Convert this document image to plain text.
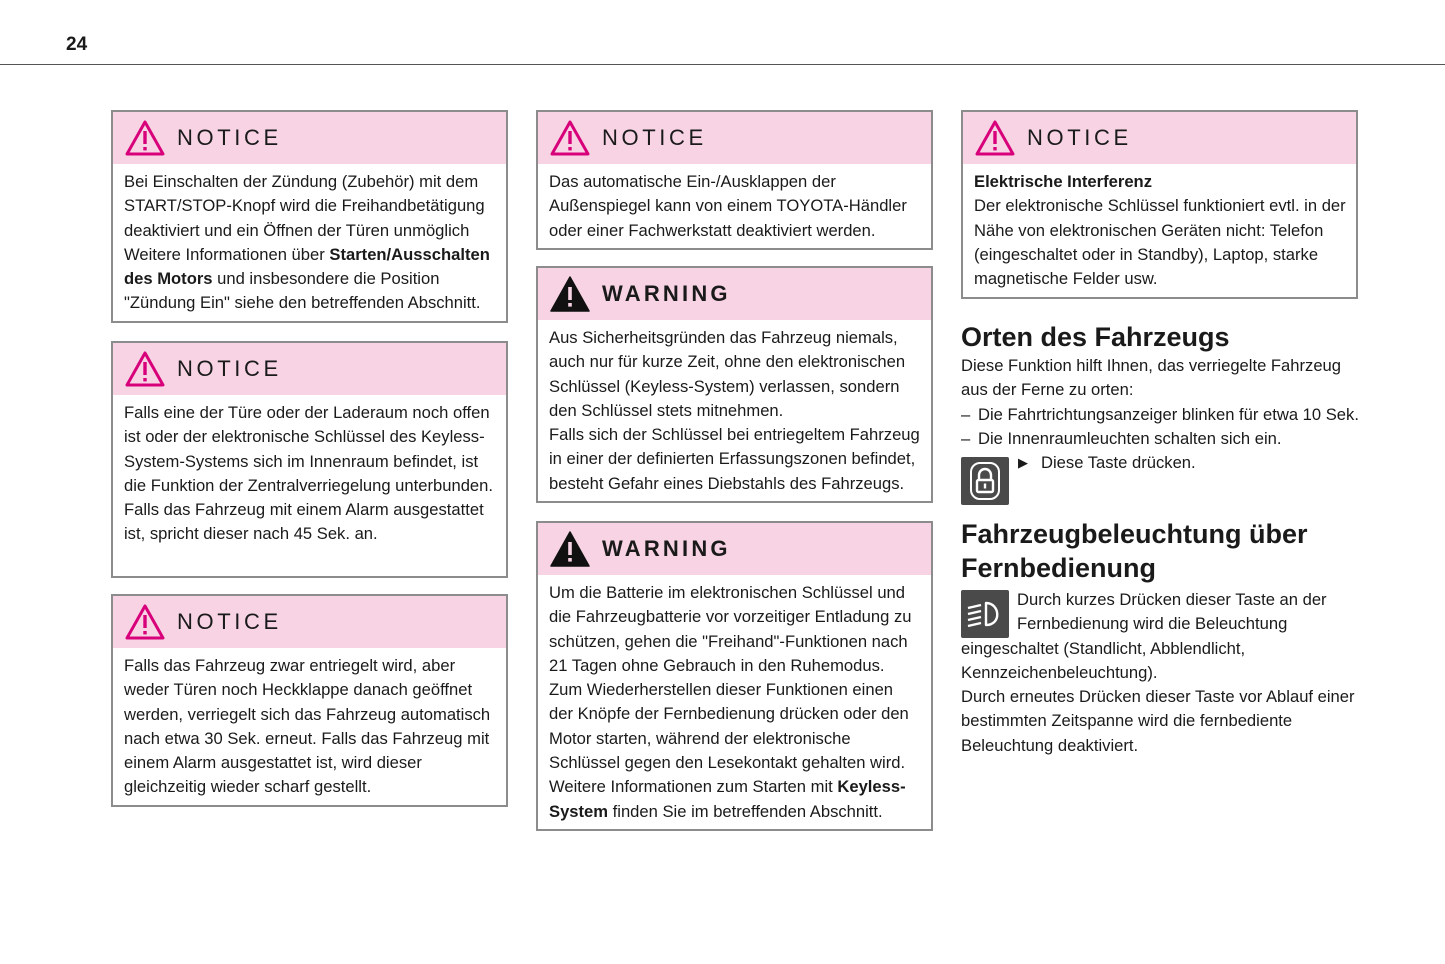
24
NOTICE

Bei Einschalten der Zündung (Zubehör) mit dem START/STOP-Knopf wird die Freihandbetätigung deaktiviert und ein Öffnen der Türen unmöglich Weitere Informationen über Starten/Ausschalten des Motors und insbesondere die Position "Zündung Ein" siehe den betreffenden Abschnitt.

NOTICE

Falls eine der Türe oder der Laderaum noch offen ist oder der elektronische Schlüssel des Keyless-System-Systems sich im Innenraum befindet, ist die Funktion der Zentralverriegelung unterbunden.

Falls das Fahrzeug mit einem Alarm ausgestattet ist, spricht dieser nach 45 Sek. an.

NOTICE

Falls das Fahrzeug zwar entriegelt wird, aber weder Türen noch Heckklappe danach geöffnet werden, verriegelt sich das Fahrzeug automatisch nach etwa 30 Sek. erneut. Falls das Fahrzeug mit einem Alarm ausgestattet ist, wird dieser gleichzeitig wieder scharf gestellt.

NOTICE

Das automatische Ein-/Ausklappen der Außenspiegel kann von einem TOYOTA-Händler oder einer Fachwerkstatt deaktiviert werden.

WARNING

Aus Sicherheitsgründen das Fahrzeug niemals, auch nur für kurze Zeit, ohne den elektronischen Schlüssel (Keyless-System) verlassen, sondern den Schlüssel stets mitnehmen.

Falls sich der Schlüssel bei entriegeltem Fahrzeug in einer der definierten Erfassungszonen befindet, besteht Gefahr eines Diebstahls des Fahrzeugs.

WARNING

Um die Batterie im elektronischen Schlüssel und die Fahrzeugbatterie vor vorzeitiger Entladung zu schützen, gehen die "Freihand"-Funktionen nach 21 Tagen ohne Gebrauch in den Ruhemodus. Zum Wiederherstellen dieser Funktionen einen der Knöpfe der Fernbedienung drücken oder den Motor starten, während der elektronische Schlüssel gegen den Lesekontakt gehalten wird. Weitere Informationen zum Starten mit Keyless-System finden Sie im betreffenden Abschnitt.

NOTICE

Elektrische Interferenz

Der elektronische Schlüssel funktioniert evtl. in der Nähe von elektronischen Geräten nicht: Telefon (eingeschaltet oder in Standby), Laptop, starke magnetische Felder usw.

Orten des Fahrzeugs

Diese Funktion hilft Ihnen, das verriegelte Fahrzeug aus der Ferne zu orten:

– Die Fahrtrichtungsanzeiger blinken für etwa 10 Sek.
– Die Innenraumleuchten schalten sich ein.
▶ Diese Taste drücken.
Fahrzeugbeleuchtung über
Fernbedienung

Durch kurzes Drücken dieser Taste an der Fernbedienung wird die Beleuchtung eingeschaltet (Standlicht, Abblendlicht, Kennzeichenbeleuchtung).

Durch erneutes Drücken dieser Taste vor Ablauf einer bestimmten Zeitspanne wird die fernbediente Beleuchtung deaktiviert.
